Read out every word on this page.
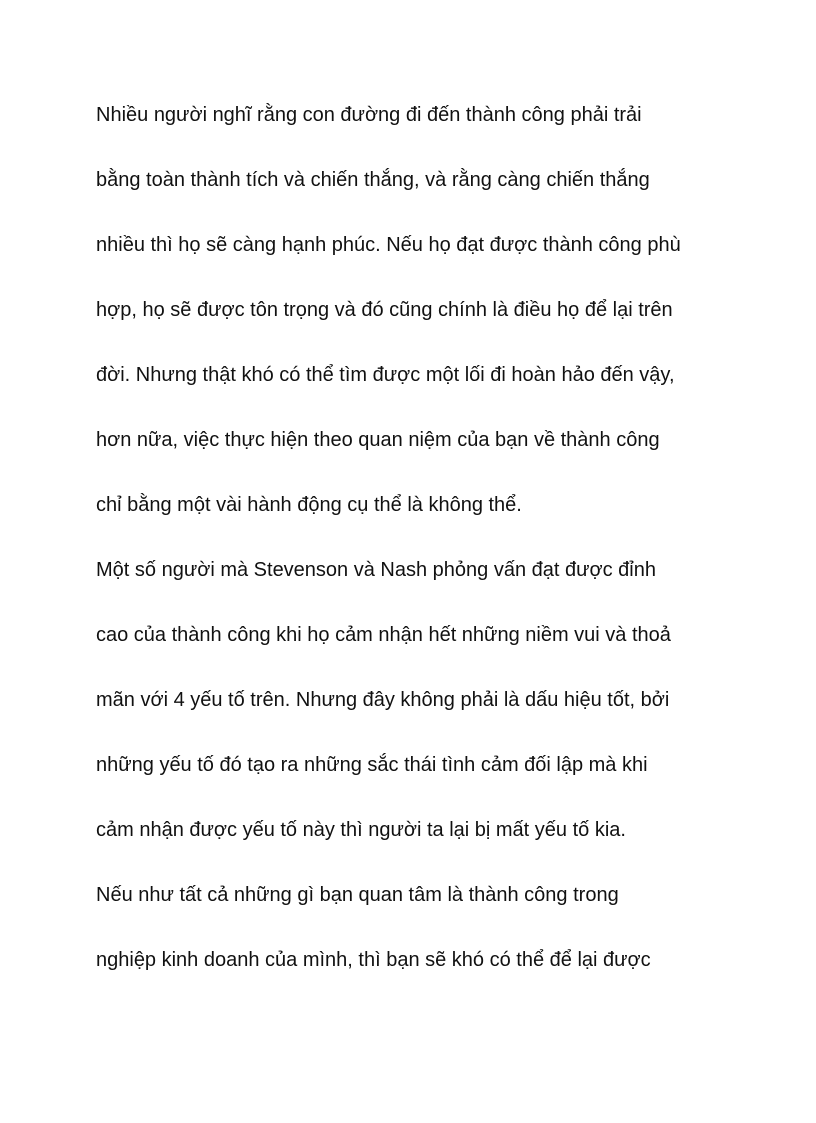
Nhiều người nghĩ rằng con đường đi đến thành công phải trải
bằng toàn thành tích và chiến thắng, và rằng càng chiến thắng
nhiều thì họ sẽ càng hạnh phúc. Nếu họ đạt được thành công phù
hợp, họ sẽ được tôn trọng và đó cũng chính là điều họ để lại trên
đời. Nhưng thật khó có thể tìm được một lối đi hoàn hảo đến vậy,
hơn nữa, việc thực hiện theo quan niệm của bạn về thành công
chỉ bằng một vài hành động cụ thể là không thể.
Một số người mà Stevenson và Nash phỏng vấn đạt được đỉnh
cao của thành công khi họ cảm nhận hết những niềm vui và thoả
mãn với 4 yếu tố trên. Nhưng đây không phải là dấu hiệu tốt, bởi
những yếu tố đó tạo ra những sắc thái tình cảm đối lập mà khi
cảm nhận được yếu tố này thì người ta lại bị mất yếu tố kia.
Nếu như tất cả những gì bạn quan tâm là thành công trong
nghiệp kinh doanh của mình, thì bạn sẽ khó có thể để lại được
